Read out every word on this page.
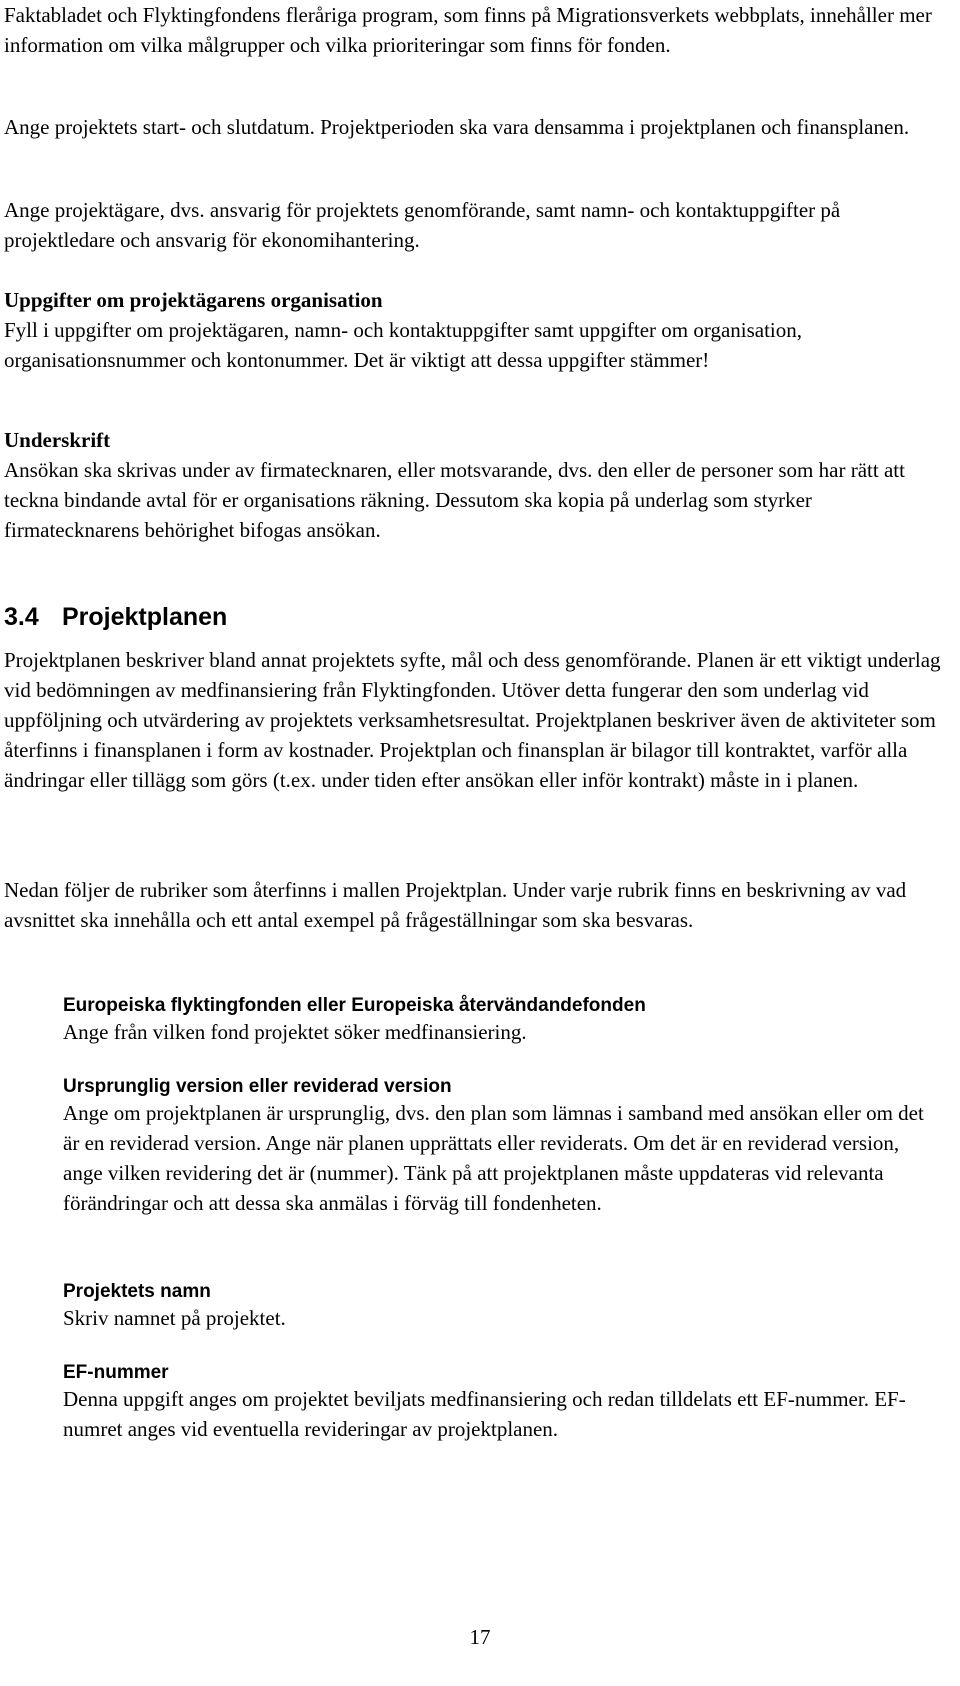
Faktabladet och Flyktingfondens fleråriga program, som finns på Migrationsverkets webbplats, innehåller mer information om vilka målgrupper och vilka prioriteringar som finns för fonden.

Ange projektets start- och slutdatum. Projektperioden ska vara densamma i projektplanen och finansplanen.

Ange projektägare, dvs. ansvarig för projektets genomförande, samt namn- och kontaktuppgifter på projektledare och ansvarig för ekonomihantering.

Uppgifter om projektägarens organisation
Fyll i uppgifter om projektägaren, namn- och kontaktuppgifter samt uppgifter om organisation, organisationsnummer och kontonummer. Det är viktigt att dessa uppgifter stämmer!
Underskrift
Ansökan ska skrivas under av firmatecknaren, eller motsvarande, dvs. den eller de personer som har rätt att teckna bindande avtal för er organisations räkning. Dessutom ska kopia på underlag som styrker firmatecknarens behörighet bifogas ansökan.
3.4 Projektplanen

Projektplanen beskriver bland annat projektets syfte, mål och dess genomförande. Planen är ett viktigt underlag vid bedömningen av medfinansiering från Flyktingfonden. Utöver detta fungerar den som underlag vid uppföljning och utvärdering av projektets verksamhetsresultat. Projektplanen beskriver även de aktiviteter som återfinns i finansplanen i form av kostnader. Projektplan och finansplan är bilagor till kontraktet, varför alla ändringar eller tillägg som görs (t.ex. under tiden efter ansökan eller inför kontrakt) måste in i planen.

Nedan följer de rubriker som återfinns i mallen Projektplan. Under varje rubrik finns en beskrivning av vad avsnittet ska innehålla och ett antal exempel på frågeställningar som ska besvaras.

Europeiska flyktingfonden eller Europeiska återvändandefonden

Ange från vilken fond projektet söker medfinansiering.

Ursprunglig version eller reviderad version

Ange om projektplanen är ursprunglig, dvs. den plan som lämnas i samband med ansökan eller om det är en reviderad version. Ange när planen upprättats eller reviderats. Om det är en reviderad version, ange vilken revidering det är (nummer). Tänk på att projektplanen måste uppdateras vid relevanta förändringar och att dessa ska anmälas i förväg till fondenheten.

Projektets namn

Skriv namnet på projektet.

EF-nummer

Denna uppgift anges om projektet beviljats medfinansiering och redan tilldelats ett EF-nummer. EF-numret anges vid eventuella revideringar av projektplanen.

17
